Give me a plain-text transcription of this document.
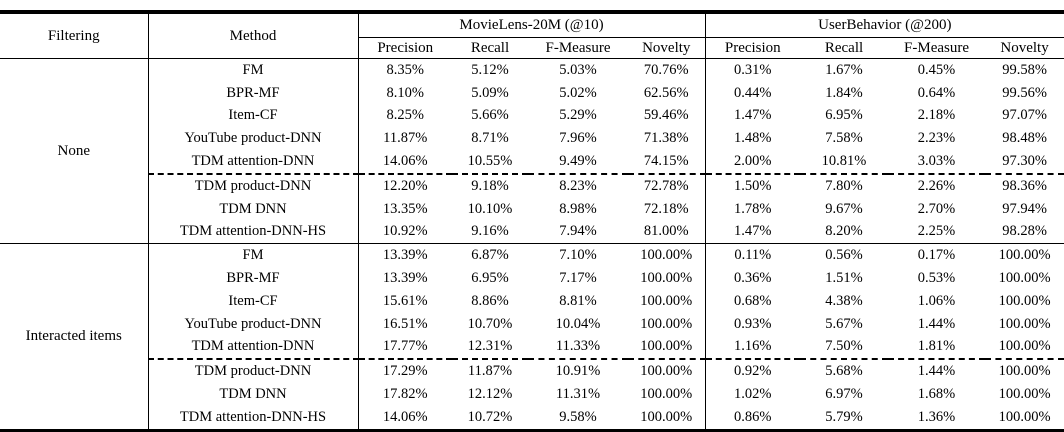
Filtering	Method	MovieLens-20M (@10)				UserBehavior (@200)			
		Precision	Recall	F-Measure	Novelty	Precision	Recall	F-Measure	Novelty
None	FM	8.35%	5.12%	5.03%	70.76%	0.31%	1.67%	0.45%	99.58%
	BPR-MF	8.10%	5.09%	5.02%	62.56%	0.44%	1.84%	0.64%	99.56%
	Item-CF	8.25%	5.66%	5.29%	59.46%	1.47%	6.95%	2.18%	97.07%
	YouTube product-DNN	11.87%	8.71%	7.96%	71.38%	1.48%	7.58%	2.23%	98.48%
	TDM attention-DNN	14.06%	10.55%	9.49%	74.15%	2.00%	10.81%	3.03%	97.30%
	TDM product-DNN	12.20%	9.18%	8.23%	72.78%	1.50%	7.80%	2.26%	98.36%
	TDM DNN	13.35%	10.10%	8.98%	72.18%	1.78%	9.67%	2.70%	97.94%
	TDM attention-DNN-HS	10.92%	9.16%	7.94%	81.00%	1.47%	8.20%	2.25%	98.28%
Interacted items	FM	13.39%	6.87%	7.10%	100.00%	0.11%	0.56%	0.17%	100.00%
	BPR-MF	13.39%	6.95%	7.17%	100.00%	0.36%	1.51%	0.53%	100.00%
	Item-CF	15.61%	8.86%	8.81%	100.00%	0.68%	4.38%	1.06%	100.00%
	YouTube product-DNN	16.51%	10.70%	10.04%	100.00%	0.93%	5.67%	1.44%	100.00%
	TDM attention-DNN	17.77%	12.31%	11.33%	100.00%	1.16%	7.50%	1.81%	100.00%
	TDM product-DNN	17.29%	11.87%	10.91%	100.00%	0.92%	5.68%	1.44%	100.00%
	TDM DNN	17.82%	12.12%	11.31%	100.00%	1.02%	6.97%	1.68%	100.00%
	TDM attention-DNN-HS	14.06%	10.72%	9.58%	100.00%	0.86%	5.79%	1.36%	100.00%
